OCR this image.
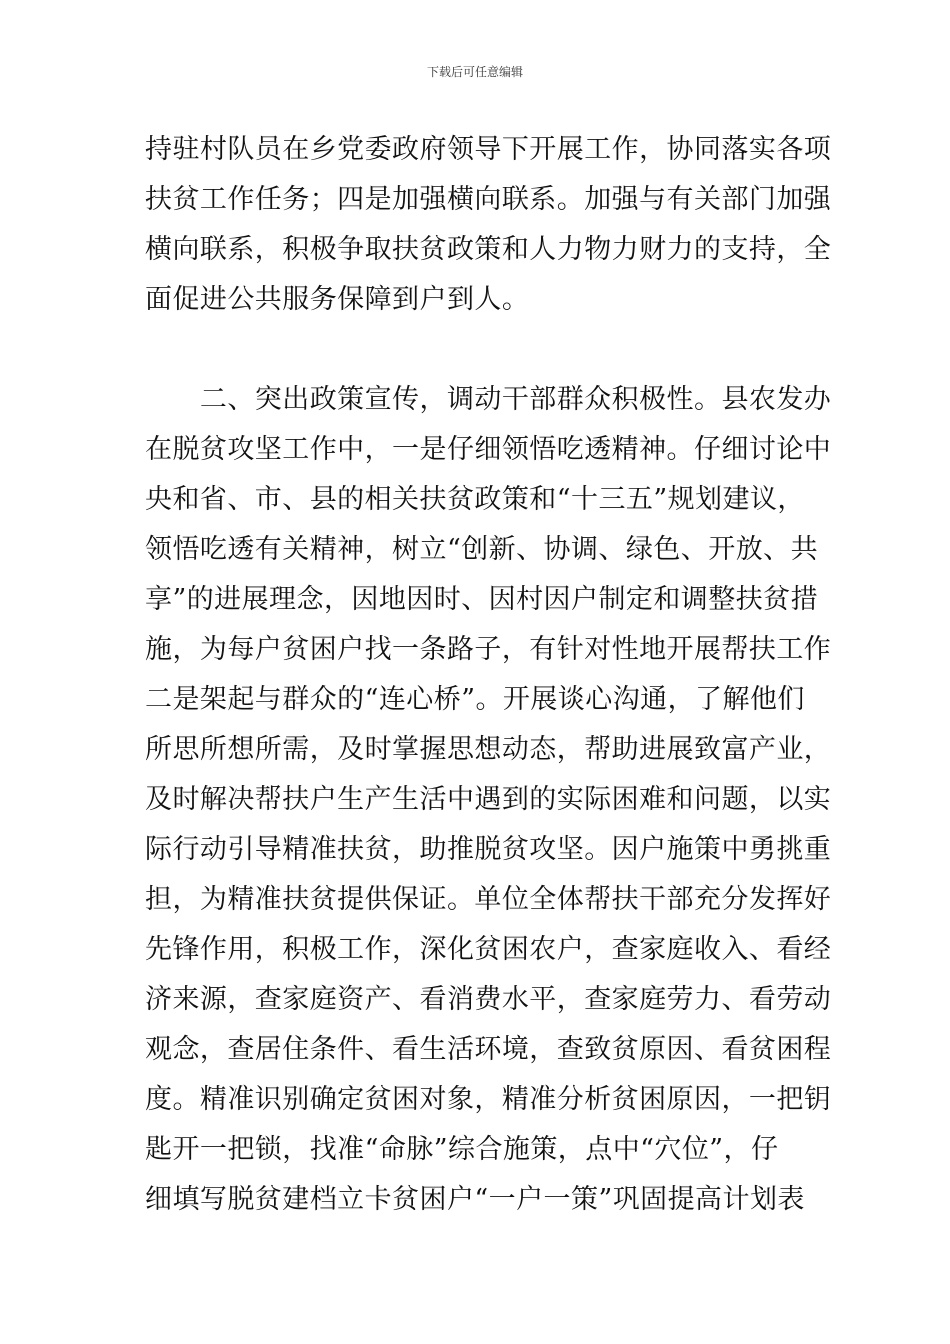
下载后可任意编辑
持驻村队员在乡党委政府领导下开展工作，协同落实各项
扶贫工作任务；四是加强横向联系。加强与有关部门加强
横向联系，积极争取扶贫政策和人力物力财力的支持，全
面促进公共服务保障到户到人。
　　二、突出政策宣传，调动干部群众积极性。县农发办
在脱贫攻坚工作中，一是仔细领悟吃透精神。仔细讨论中
央和省、市、县的相关扶贫政策和“十三五”规划建议，
领悟吃透有关精神，树立“创新、协调、绿色、开放、共
享”的进展理念，因地因时、因村因户制定和调整扶贫措
施，为每户贫困户找一条路子，有针对性地开展帮扶工作
二是架起与群众的“连心桥”。开展谈心沟通，了解他们
所思所想所需，及时掌握思想动态，帮助进展致富产业，
及时解决帮扶户生产生活中遇到的实际困难和问题，以实
际行动引导精准扶贫，助推脱贫攻坚。因户施策中勇挑重
担，为精准扶贫提供保证。单位全体帮扶干部充分发挥好
先锋作用，积极工作，深化贫困农户，查家庭收入、看经
济来源，查家庭资产、看消费水平，查家庭劳力、看劳动
观念，查居住条件、看生活环境，查致贫原因、看贫困程
度。精准识别确定贫困对象，精准分析贫困原因，一把钥
匙开一把锁，找准“命脉”综合施策，点中“穴位”，仔
细填写脱贫建档立卡贫困户“一户一策”巩固提高计划表
